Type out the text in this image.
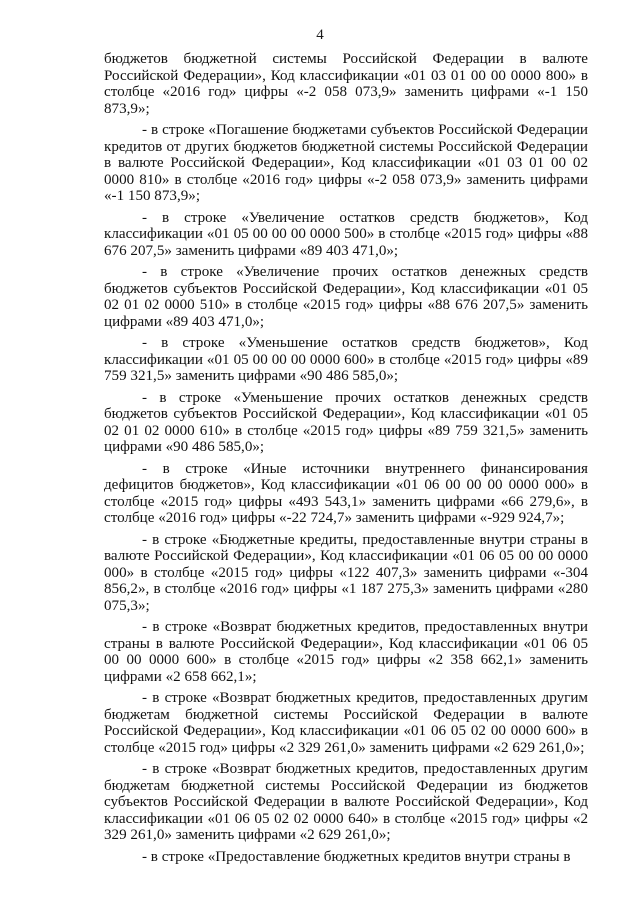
4

бюджетов бюджетной системы Российской Федерации в валюте Российской Федерации», Код классификации «01 03 01 00 00 0000 800» в столбце «2016 год» цифры «-2 058 073,9» заменить цифрами «-1 150 873,9»;

- в строке «Погашение бюджетами субъектов Российской Федерации кредитов от других бюджетов бюджетной системы Российской Федерации в валюте Российской Федерации», Код классификации «01 03 01 00 02 0000 810» в столбце «2016 год» цифры «-2 058 073,9» заменить цифрами «-1 150 873,9»;

- в строке «Увеличение остатков средств бюджетов», Код классификации «01 05 00 00 00 0000 500» в столбце «2015 год» цифры «88 676 207,5» заменить цифрами «89 403 471,0»;

- в строке «Увеличение прочих остатков денежных средств бюджетов субъектов Российской Федерации», Код классификации «01 05 02 01 02 0000 510» в столбце «2015 год» цифры «88 676 207,5» заменить цифрами «89 403 471,0»;

- в строке «Уменьшение остатков средств бюджетов», Код классификации «01 05 00 00 00 0000 600» в столбце «2015 год» цифры «89 759 321,5» заменить цифрами «90 486 585,0»;

- в строке «Уменьшение прочих остатков денежных средств бюджетов субъектов Российской Федерации», Код классификации «01 05 02 01 02 0000 610» в столбце «2015 год» цифры «89 759 321,5» заменить цифрами «90 486 585,0»;

- в строке «Иные источники внутреннего финансирования дефицитов бюджетов», Код классификации «01 06 00 00 00 0000 000» в столбце «2015 год» цифры «493 543,1» заменить цифрами «66 279,6», в столбце «2016 год» цифры «-22 724,7» заменить цифрами «-929 924,7»;

- в строке «Бюджетные кредиты, предоставленные внутри страны в валюте Российской Федерации», Код классификации «01 06 05 00 00 0000 000» в столбце «2015 год» цифры «122 407,3» заменить цифрами «-304 856,2», в столбце «2016 год» цифры «1 187 275,3» заменить цифрами «280 075,3»;

- в строке «Возврат бюджетных кредитов, предоставленных внутри страны в валюте Российской Федерации», Код классификации «01 06 05 00 00 0000 600» в столбце «2015 год» цифры «2 358 662,1» заменить цифрами «2 658 662,1»;

- в строке «Возврат бюджетных кредитов, предоставленных другим бюджетам бюджетной системы Российской Федерации в валюте Российской Федерации», Код классификации «01 06 05 02 00 0000 600» в столбце «2015 год» цифры «2 329 261,0» заменить цифрами «2 629 261,0»;

- в строке «Возврат бюджетных кредитов, предоставленных другим бюджетам бюджетной системы Российской Федерации из бюджетов субъектов Российской Федерации в валюте Российской Федерации», Код классификации «01 06 05 02 02 0000 640» в столбце «2015 год» цифры «2 329 261,0» заменить цифрами «2 629 261,0»;

- в строке «Предоставление бюджетных кредитов внутри страны в
